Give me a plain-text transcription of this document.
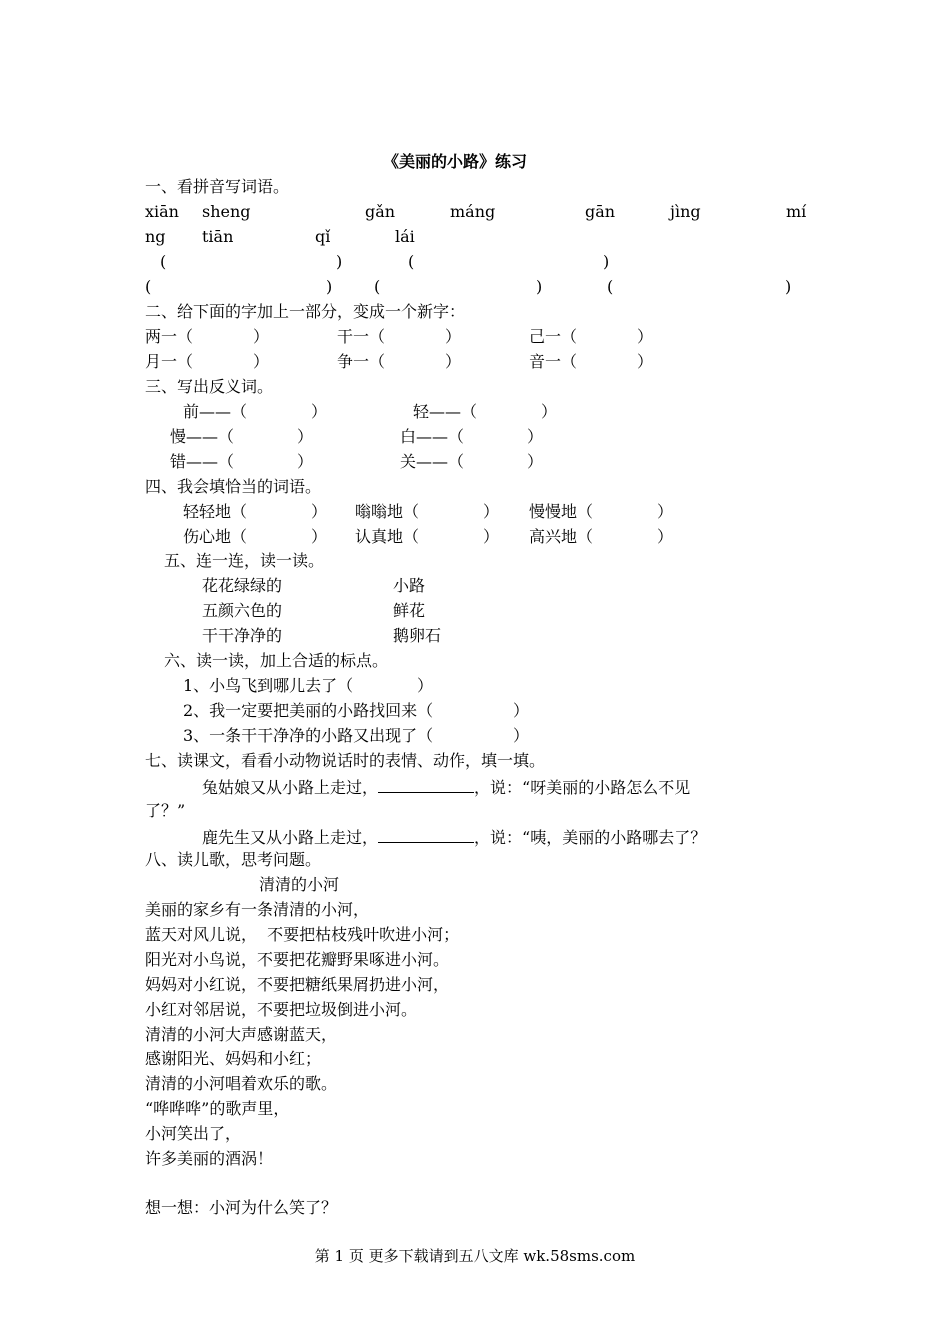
《美丽的小路》练习
一、看拼音写词语。
xiān sheng	gǎn	máng	gān	jìng	mí
ng tiān	qǐ	lái
(	)	(	)
(	)	(	)	(	)
二、给下面的字加上一部分，变成一个新字：
两一（	）	干一（	）	己一（	）
月一（	）	争一（	）	音一（	）
三、写出反义词。
前——（	）	轻——（	）
慢——（	）	白——（	）
错——（	）	关——（	）
四、我会填恰当的词语。
轻轻地（	） 嗡嗡地（	） 慢慢地（	）
伤心地（	） 认真地（	） 高兴地（	）
五、连一连，读一读。
花花绿绿的	小路
五颜六色的	鲜花
干干净净的	鹅卵石
六、读一读，加上合适的标点。
1、小鸟飞到哪儿去了（	）
2、我一定要把美丽的小路找回来（	）
3、一条干干净净的小路又出现了（	）
七、读课文，看看小动物说话时的表情、动作，填一填。
兔姑娘又从小路上走过，	，说：“呀美丽的小路怎么不见
了？”
鹿先生又从小路上走过，	，说：“咦，美丽的小路哪去了？
八、读儿歌，思考问题。
清清的小河
美丽的家乡有一条清清的小河，
蓝天对风儿说，  不要把枯枝残叶吹进小河；
阳光对小鸟说，不要把花瓣野果啄进小河。
妈妈对小红说，不要把糖纸果屑扔进小河，
小红对邻居说，不要把垃圾倒进小河。
清清的小河大声感谢蓝天，
感谢阳光、妈妈和小红；
清清的小河唱着欢乐的歌。
“哗哗哗”的歌声里，
小河笑出了，
许多美丽的酒涡！
想一想：小河为什么笑了？
第 1 页 更多下载请到五八文库 wk.58sms.com
